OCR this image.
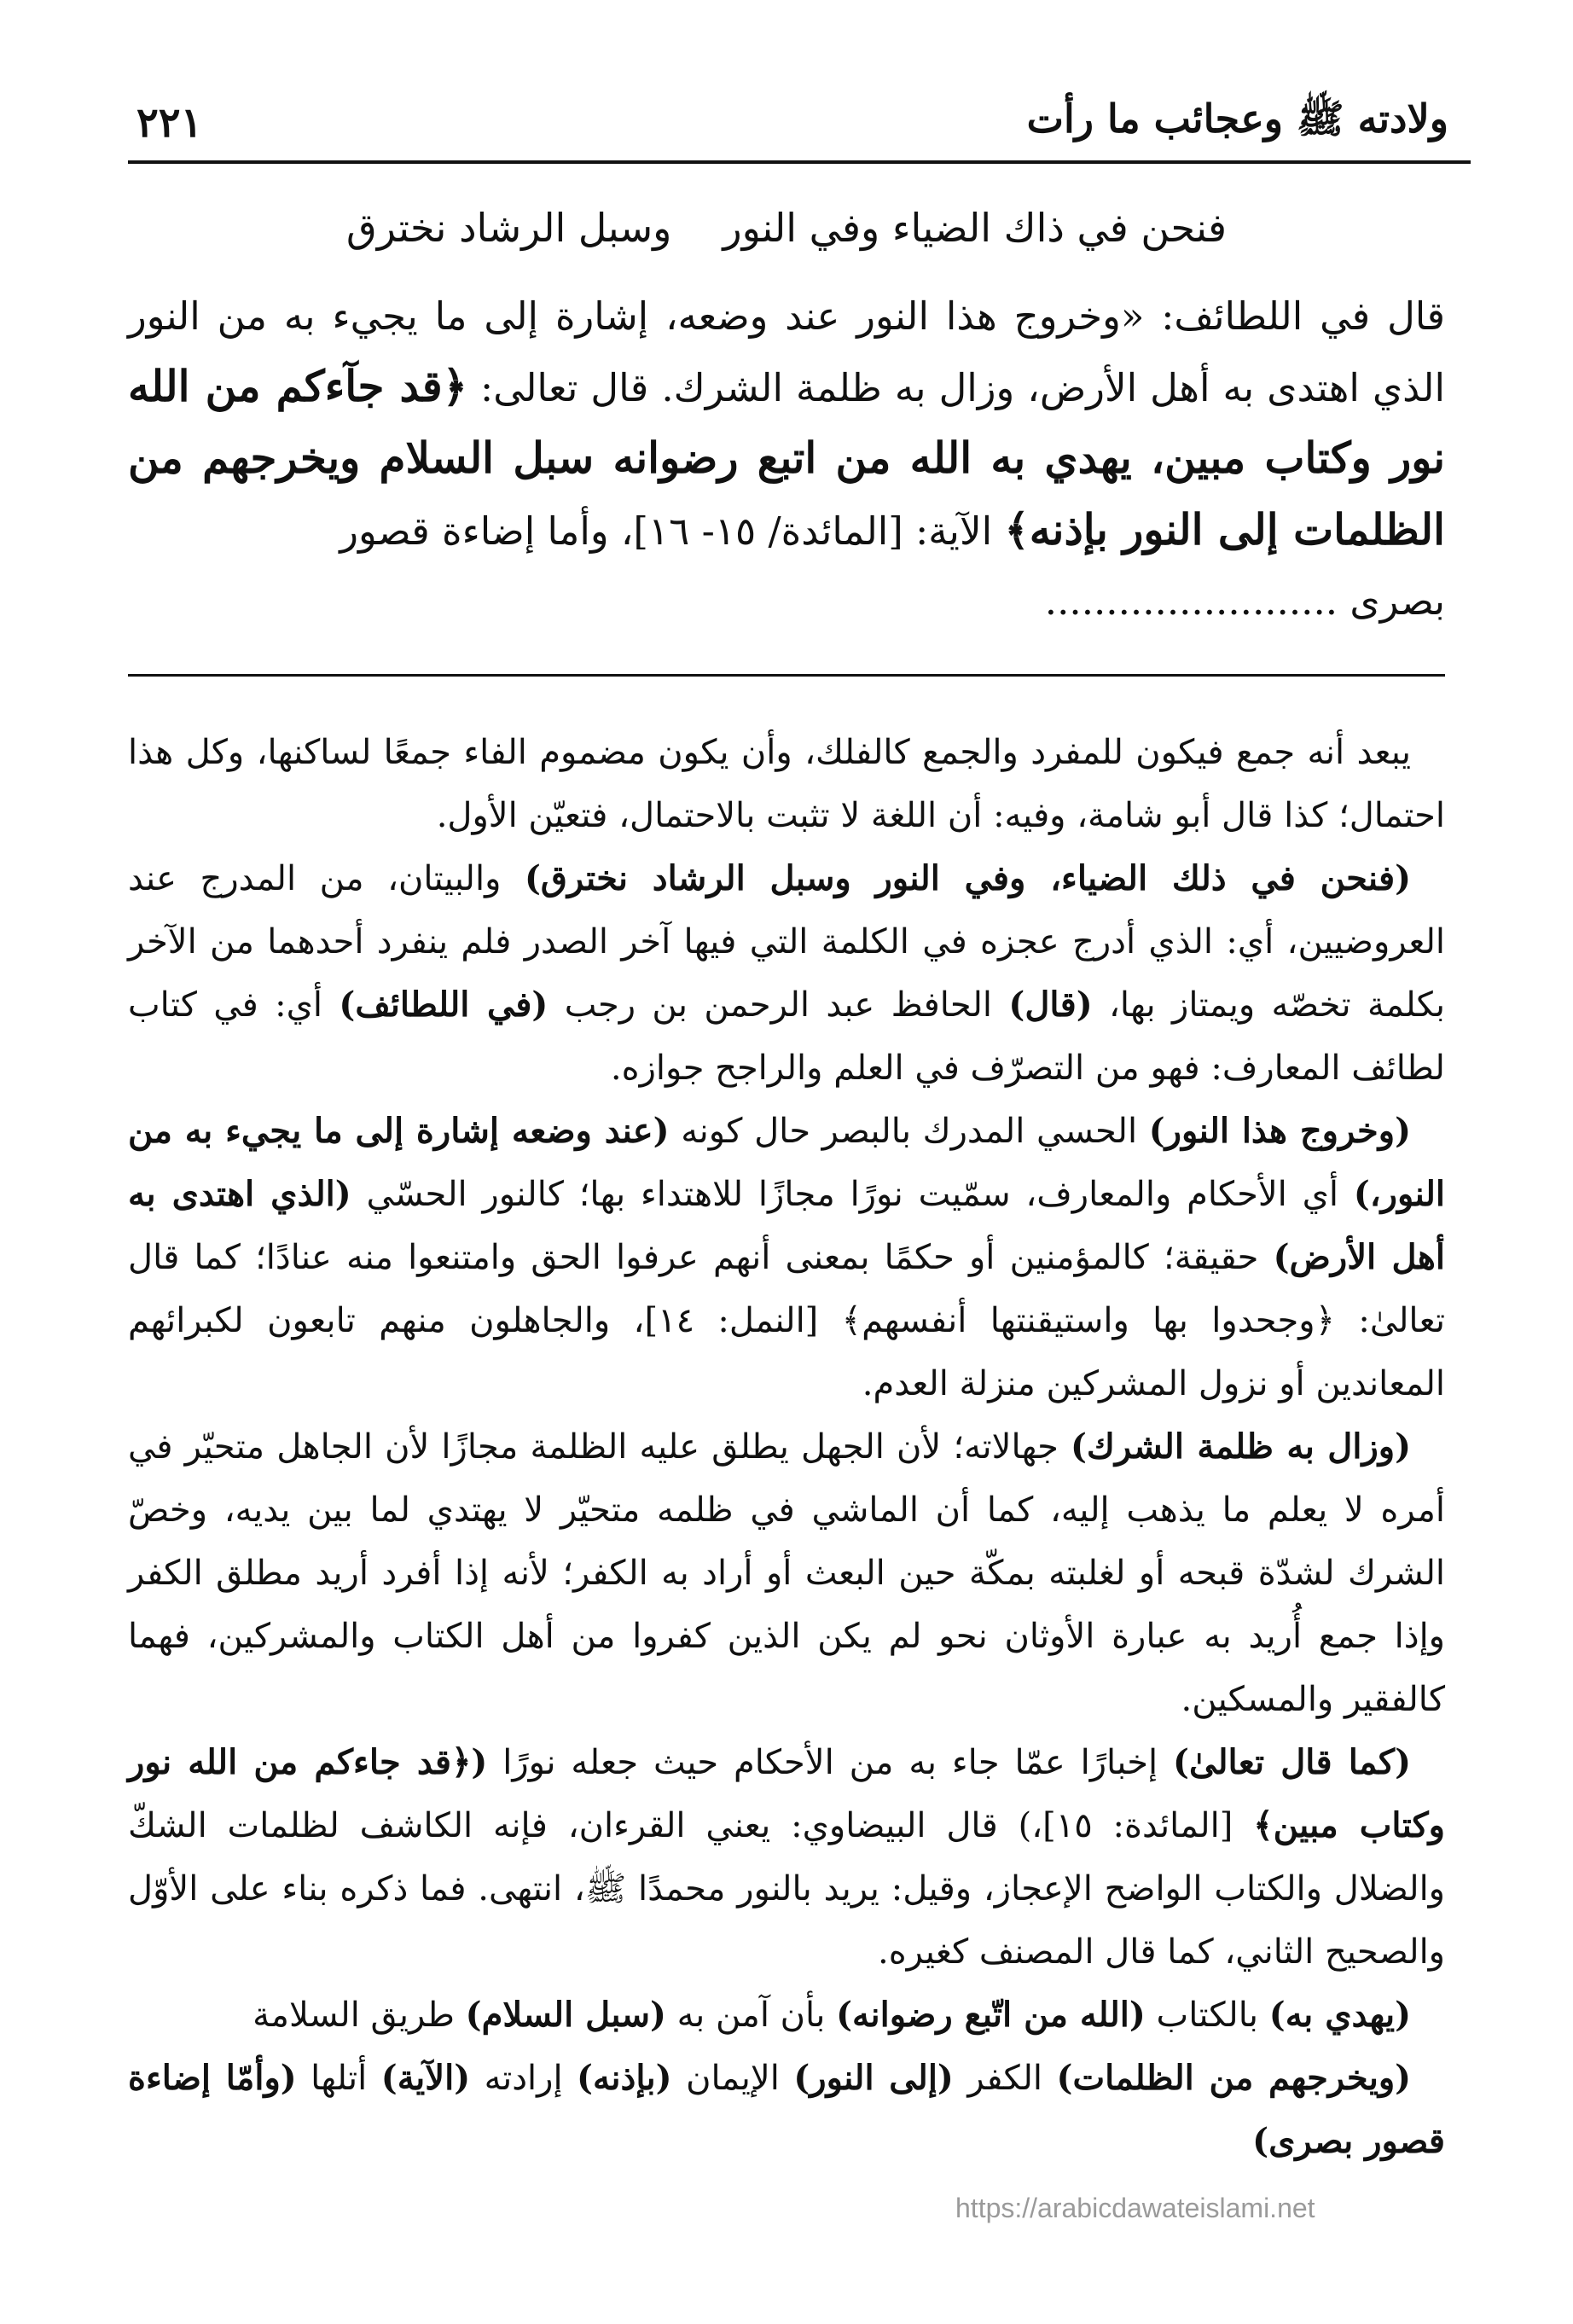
ولادته ﷺ وعجائب ما رأت
٢٢١
فنحن في ذاك الضياء وفي النور
وسبل الرشاد نخترق
قال في اللطائف: «وخروج هذا النور عند وضعه، إشارة إلى ما يجيء به من النور الذي اهتدى به أهل الأرض، وزال به ظلمة الشرك. قال تعالى: ﴿قد جآءكم من الله نور وكتاب مبين، يهدي به الله من اتبع رضوانه سبل السلام ويخرجهم من الظلمات إلى النور بإذنه﴾ الآية: [المائدة/ ١٥- ١٦]، وأما إضاءة قصور
بصرى ........................

يبعد أنه جمع فيكون للمفرد والجمع كالفلك، وأن يكون مضموم الفاء جمعًا لساكنها، وكل هذا احتمال؛ كذا قال أبو شامة، وفيه: أن اللغة لا تثبت بالاحتمال، فتعيّن الأول.

(فنحن في ذلك الضياء، وفي النور وسبل الرشاد نخترق) والبيتان، من المدرج عند العروضيين، أي: الذي أدرج عجزه في الكلمة التي فيها آخر الصدر فلم ينفرد أحدهما من الآخر بكلمة تخصّه ويمتاز بها، (قال) الحافظ عبد الرحمن بن رجب (في اللطائف) أي: في كتاب لطائف المعارف: فهو من التصرّف في العلم والراجح جوازه.

(وخروج هذا النور) الحسي المدرك بالبصر حال كونه (عند وضعه إشارة إلى ما يجيء به من النور،) أي الأحكام والمعارف، سمّيت نورًا مجازًا للاهتداء بها؛ كالنور الحسّي (الذي اهتدى به أهل الأرض) حقيقة؛ كالمؤمنين أو حكمًا بمعنى أنهم عرفوا الحق وامتنعوا منه عنادًا؛ كما قال تعالىٰ: ﴿وجحدوا بها واستيقنتها أنفسهم﴾ [النمل: ١٤]، والجاهلون منهم تابعون لكبرائهم المعاندين أو نزول المشركين منزلة العدم.

(وزال به ظلمة الشرك) جهالاته؛ لأن الجهل يطلق عليه الظلمة مجازًا لأن الجاهل متحيّر في أمره لا يعلم ما يذهب إليه، كما أن الماشي في ظلمه متحيّر لا يهتدي لما بين يديه، وخصّ الشرك لشدّة قبحه أو لغلبته بمكّة حين البعث أو أراد به الكفر؛ لأنه إذا أفرد أريد مطلق الكفر وإذا جمع أُريد به عبارة الأوثان نحو لم يكن الذين كفروا من أهل الكتاب والمشركين، فهما كالفقير والمسكين.

(كما قال تعالىٰ) إخبارًا عمّا جاء به من الأحكام حيث جعله نورًا (﴿قد جاءكم من الله نور وكتاب مبين﴾ [المائدة: ١٥]،) قال البيضاوي: يعني القرءان، فإنه الكاشف لظلمات الشكّ والضلال والكتاب الواضح الإعجاز، وقيل: يريد بالنور محمدًا ﷺ، انتهى. فما ذكره بناء على الأوّل والصحيح الثاني، كما قال المصنف كغيره.

(يهدي به) بالكتاب (الله من اتّبع رضوانه) بأن آمن به (سبل السلام) طريق السلامة

(ويخرجهم من الظلمات) الكفر (إلى النور) الإيمان (بإذنه) إرادته (الآية) أتلها (وأمّا إضاءة قصور بصرى)

https://arabicdawateislami.net
